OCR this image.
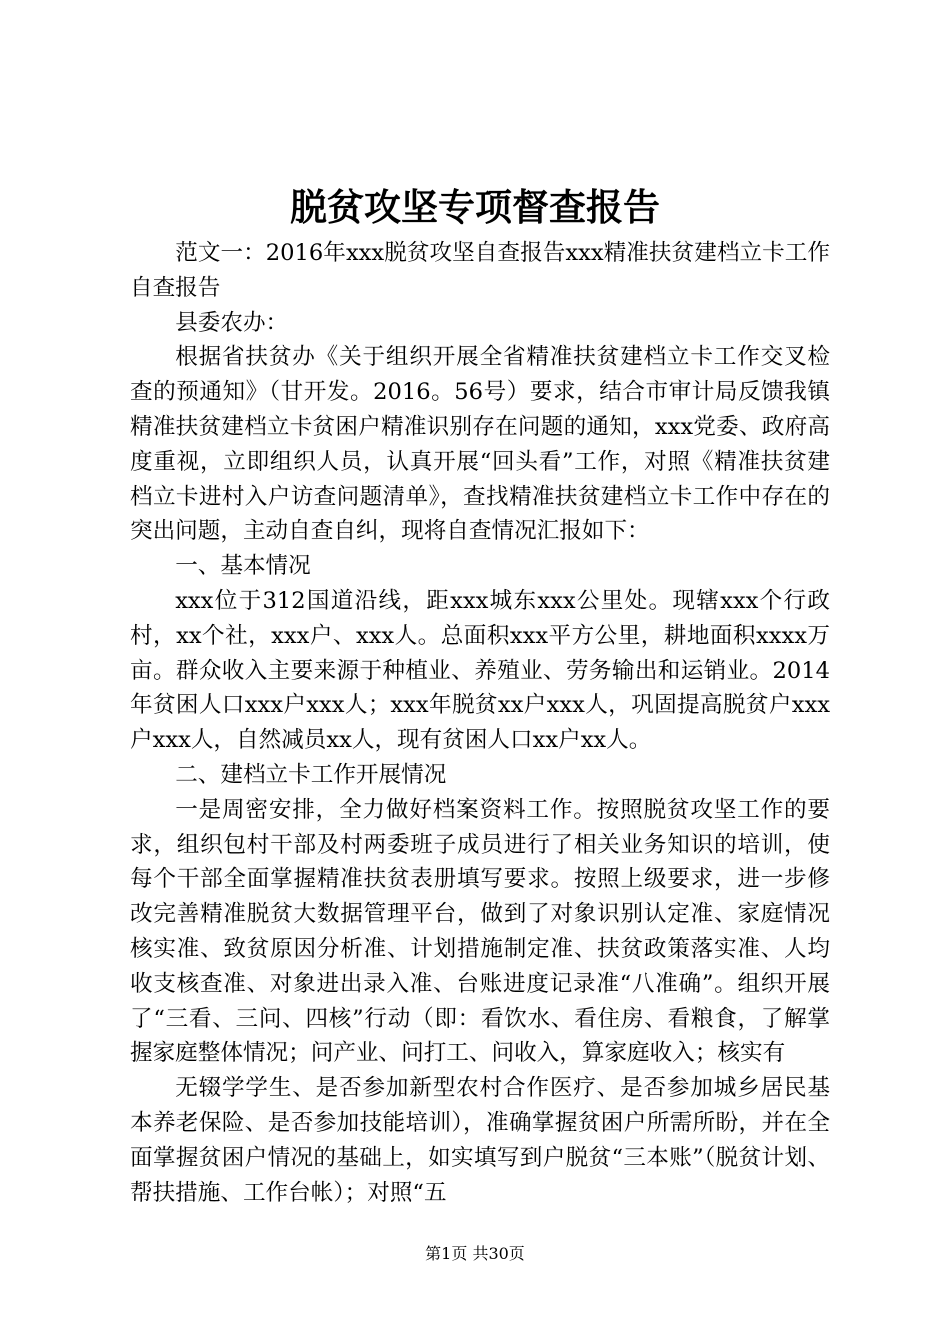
脱贫攻坚专项督查报告

范文一：2016年xxx脱贫攻坚自查报告xxx精准扶贫建档立卡工作自查报告

县委农办：

根据省扶贫办《关于组织开展全省精准扶贫建档立卡工作交叉检查的预通知》（甘开发。2016。56号）要求，结合市审计局反馈我镇精准扶贫建档立卡贫困户精准识别存在问题的通知，xxx党委、政府高度重视，立即组织人员，认真开展“回头看”工作，对照《精准扶贫建档立卡进村入户访查问题清单》，查找精准扶贫建档立卡工作中存在的突出问题，主动自查自纠，现将自查情况汇报如下：

一、基本情况

xxx位于312国道沿线，距xxx城东xxx公里处。现辖xxx个行政村，xx个社，xxx户、xxx人。总面积xxx平方公里，耕地面积xxxx万亩。群众收入主要来源于种植业、养殖业、劳务输出和运销业。2014年贫困人口xxx户xxx人；xxx年脱贫xx户xxx人，巩固提高脱贫户xxx户xxx人，自然减员xx人，现有贫困人口xx户xx人。

二、建档立卡工作开展情况

一是周密安排，全力做好档案资料工作。按照脱贫攻坚工作的要求，组织包村干部及村两委班子成员进行了相关业务知识的培训，使每个干部全面掌握精准扶贫表册填写要求。按照上级要求，进一步修改完善精准脱贫大数据管理平台，做到了对象识别认定准、家庭情况核实准、致贫原因分析准、计划措施制定准、扶贫政策落实准、人均收支核查准、对象进出录入准、台账进度记录准“八准确”。组织开展了“三看、三问、四核”行动（即：看饮水、看住房、看粮食，了解掌握家庭整体情况；问产业、问打工、问收入，算家庭收入；核实有

无辍学学生、是否参加新型农村合作医疗、是否参加城乡居民基本养老保险、是否参加技能培训），准确掌握贫困户所需所盼，并在全面掌握贫困户情况的基础上，如实填写到户脱贫“三本账”（脱贫计划、帮扶措施、工作台帐）；对照“五

第1页 共30页
